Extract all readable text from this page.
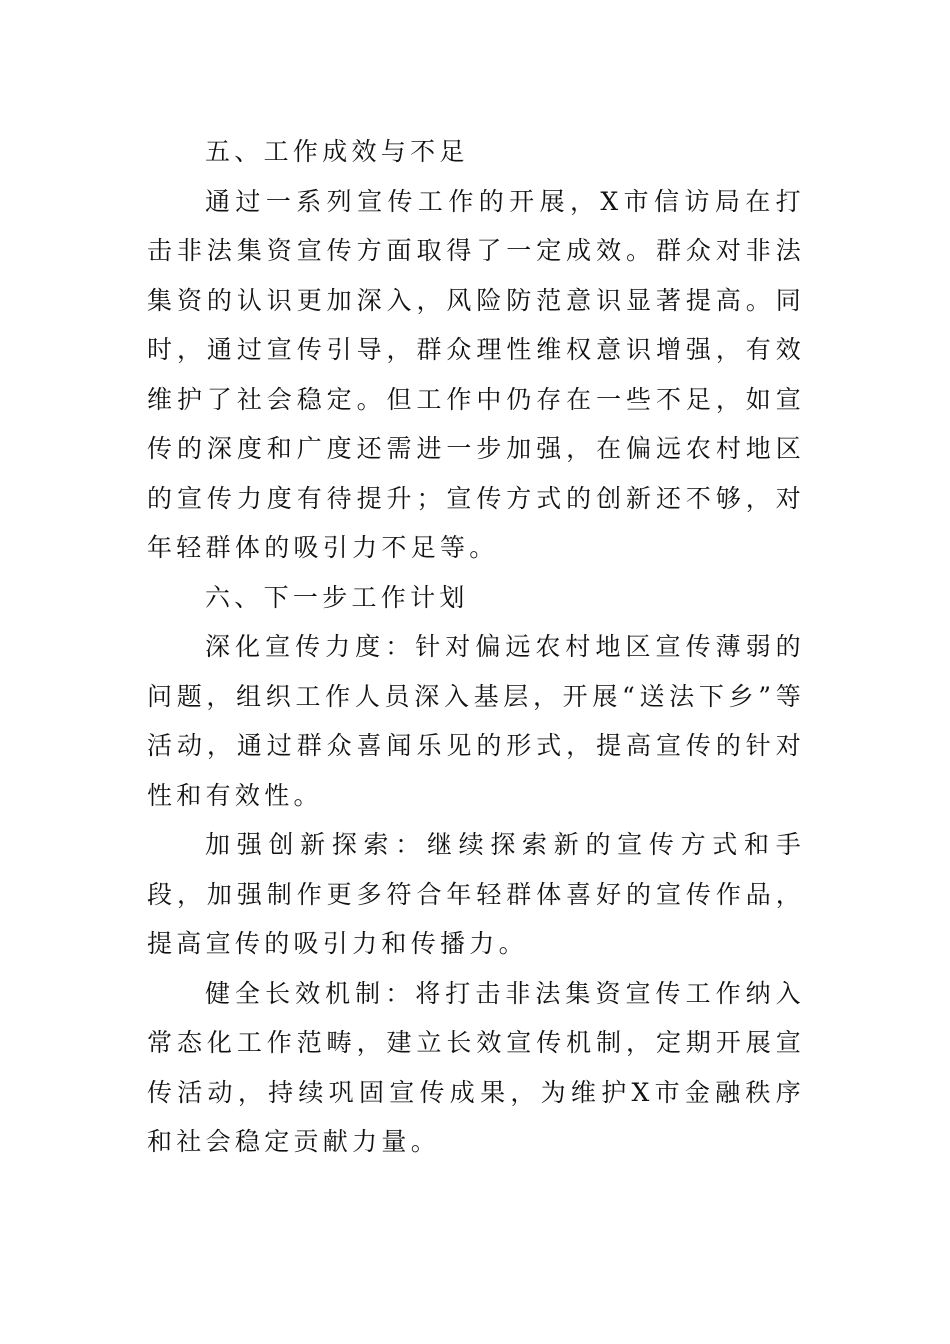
五、工作成效与不足

通过一系列宣传工作的开展，X市信访局在打击非法集资宣传方面取得了一定成效。群众对非法集资的认识更加深入，风险防范意识显著提高。同时，通过宣传引导，群众理性维权意识增强，有效维护了社会稳定。但工作中仍存在一些不足，如宣传的深度和广度还需进一步加强，在偏远农村地区的宣传力度有待提升；宣传方式的创新还不够，对年轻群体的吸引力不足等。

六、下一步工作计划

深化宣传力度：针对偏远农村地区宣传薄弱的问题，组织工作人员深入基层，开展“送法下乡”等活动，通过群众喜闻乐见的形式，提高宣传的针对性和有效性。

加强创新探索：继续探索新的宣传方式和手段，加强制作更多符合年轻群体喜好的宣传作品，提高宣传的吸引力和传播力。

健全长效机制：将打击非法集资宣传工作纳入常态化工作范畴，建立长效宣传机制，定期开展宣传活动，持续巩固宣传成果，为维护X市金融秩序和社会稳定贡献力量。
